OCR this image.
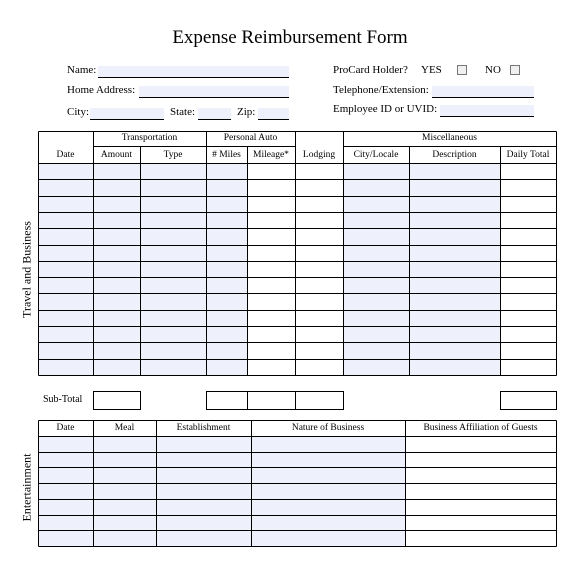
Expense Reimbursement Form
Name:
Home Address:
City:	State:	Zip:
ProCard Holder? YES	NO
Telephone/Extension:
Employee ID or UVID:
Transportation	Personal Auto	Miscellaneous
Date	Amount	Type	# Miles	Mileage*	Lodging	City/Locale	Description	Daily Total
Travel and Business
Sub-Total
Date	Meal	Establishment	Nature of Business	Business Affiliation of Guests
Entertainment
